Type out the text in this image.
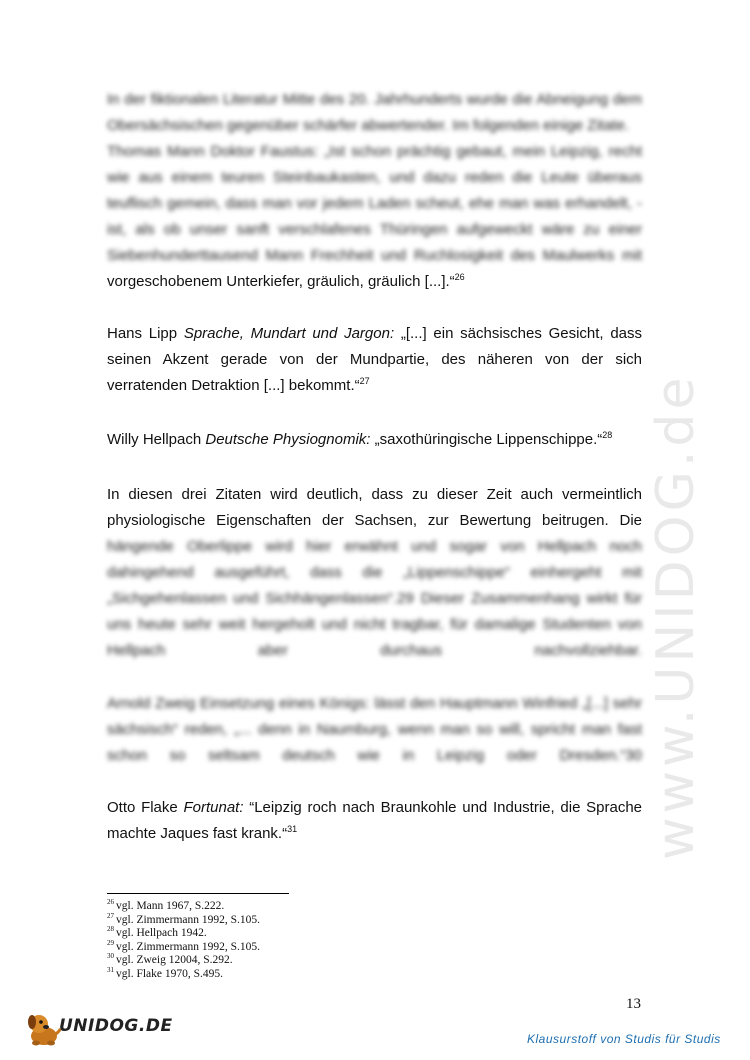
www.UNIDOG.de
In der fiktionalen Literatur Mitte des 20. Jahrhunderts wurde die Abneigung dem
Obersächsischen gegenüber schärfer abwertender. Im folgenden einige Zitate.
Thomas Mann Doktor Faustus: „Ist schon prächtig gebaut, mein Leipzig, recht
wie aus einem teuren Steinbaukasten, und dazu reden die Leute überaus
teuflisch gemein, dass man vor jedem Laden scheut, ehe man was erhandelt, -
ist, als ob unser sanft verschlafenes Thüringen aufgeweckt wäre zu einer
Siebenhunderttausend Mann Frechheit und Ruchlosigkeit des Maulwerks mit
vorgeschobenem Unterkiefer, gräulich, gräulich [...].“$^{26}$
Hans Lipp Sprache, Mundart und Jargon: „[...] ein sächsisches Gesicht, dass
seinen Akzent gerade von der Mundpartie, des näheren von der sich
verratenden Detraktion [...] bekommt.“$^{27}$
Willy Hellpach Deutsche Physiognomik: „saxothüringische Lippenschippe.“$^{28}$
In diesen drei Zitaten wird deutlich, dass zu dieser Zeit auch vermeintlich
physiologische Eigenschaften der Sachsen, zur Bewertung beitrugen. Die
hängende Oberlippe wird hier erwähnt und sogar von Hellpach noch
dahingehend ausgeführt, dass die „Lippenschippe“ einhergeht mit
„Sichgehenlassen und Sichhängenlassen“.29 Dieser Zusammenhang wirkt für
uns heute sehr weit hergeholt und nicht tragbar, für damalige Studenten von
Hellpach aber durchaus nachvollziehbar.
Arnold Zweig Einsetzung eines Königs: lässt den Hauptmann Winfried „[...] sehr
sächsisch“ reden, „... denn in Naumburg, wenn man so will, spricht man fast
schon so seltsam deutsch wie in Leipzig oder Dresden.“30
Otto Flake Fortunat: “Leipzig roch nach Braunkohle und Industrie, die Sprache
machte Jaques fast krank.“$^{31}$
$^{26}$ vgl. Mann 1967, S.222.
$^{27}$ vgl. Zimmermann 1992, S.105.
$^{28}$ vgl. Hellpach 1942.
$^{29}$ vgl. Zimmermann 1992, S.105.
$^{30}$ vgl. Zweig 12004, S.292.
$^{31}$ vgl. Flake 1970, S.495.
13
UNIDOG.DE
Klausurstoff von Studis für Studis
